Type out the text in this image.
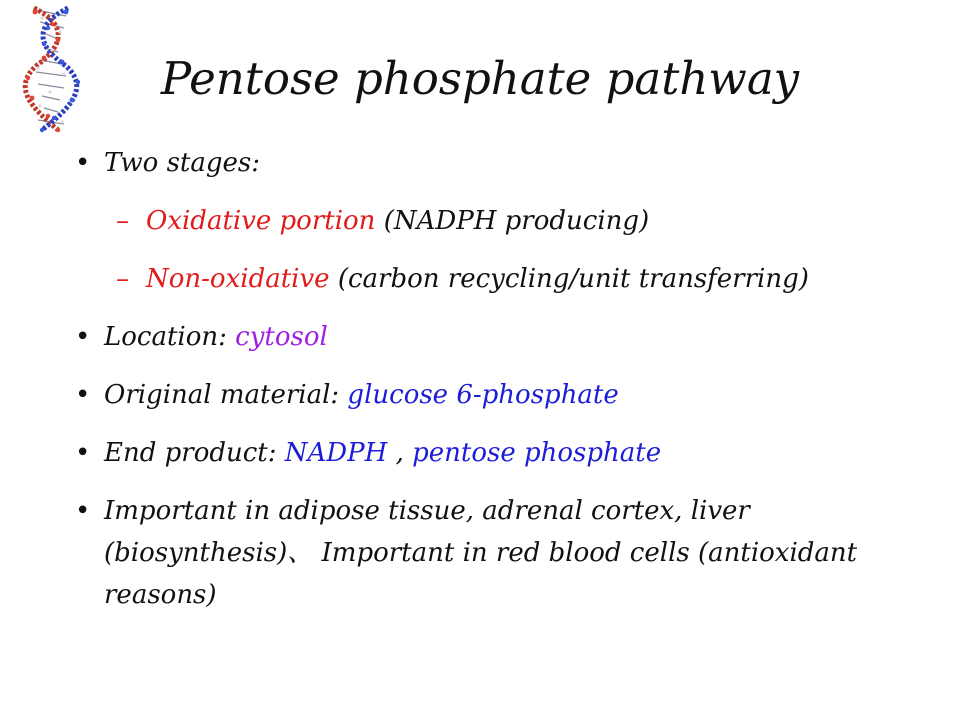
Pentose phosphate pathway
• Two stages:
– Oxidative portion (NADPH producing)
– Non-oxidative (carbon recycling/unit transferring)
• Location: cytosol
• Original material: glucose 6-phosphate
• End product: NADPH , pentose phosphate
• Important in adipose tissue, adrenal cortex, liver (biosynthesis)、 Important in red blood cells (antioxidant reasons)
